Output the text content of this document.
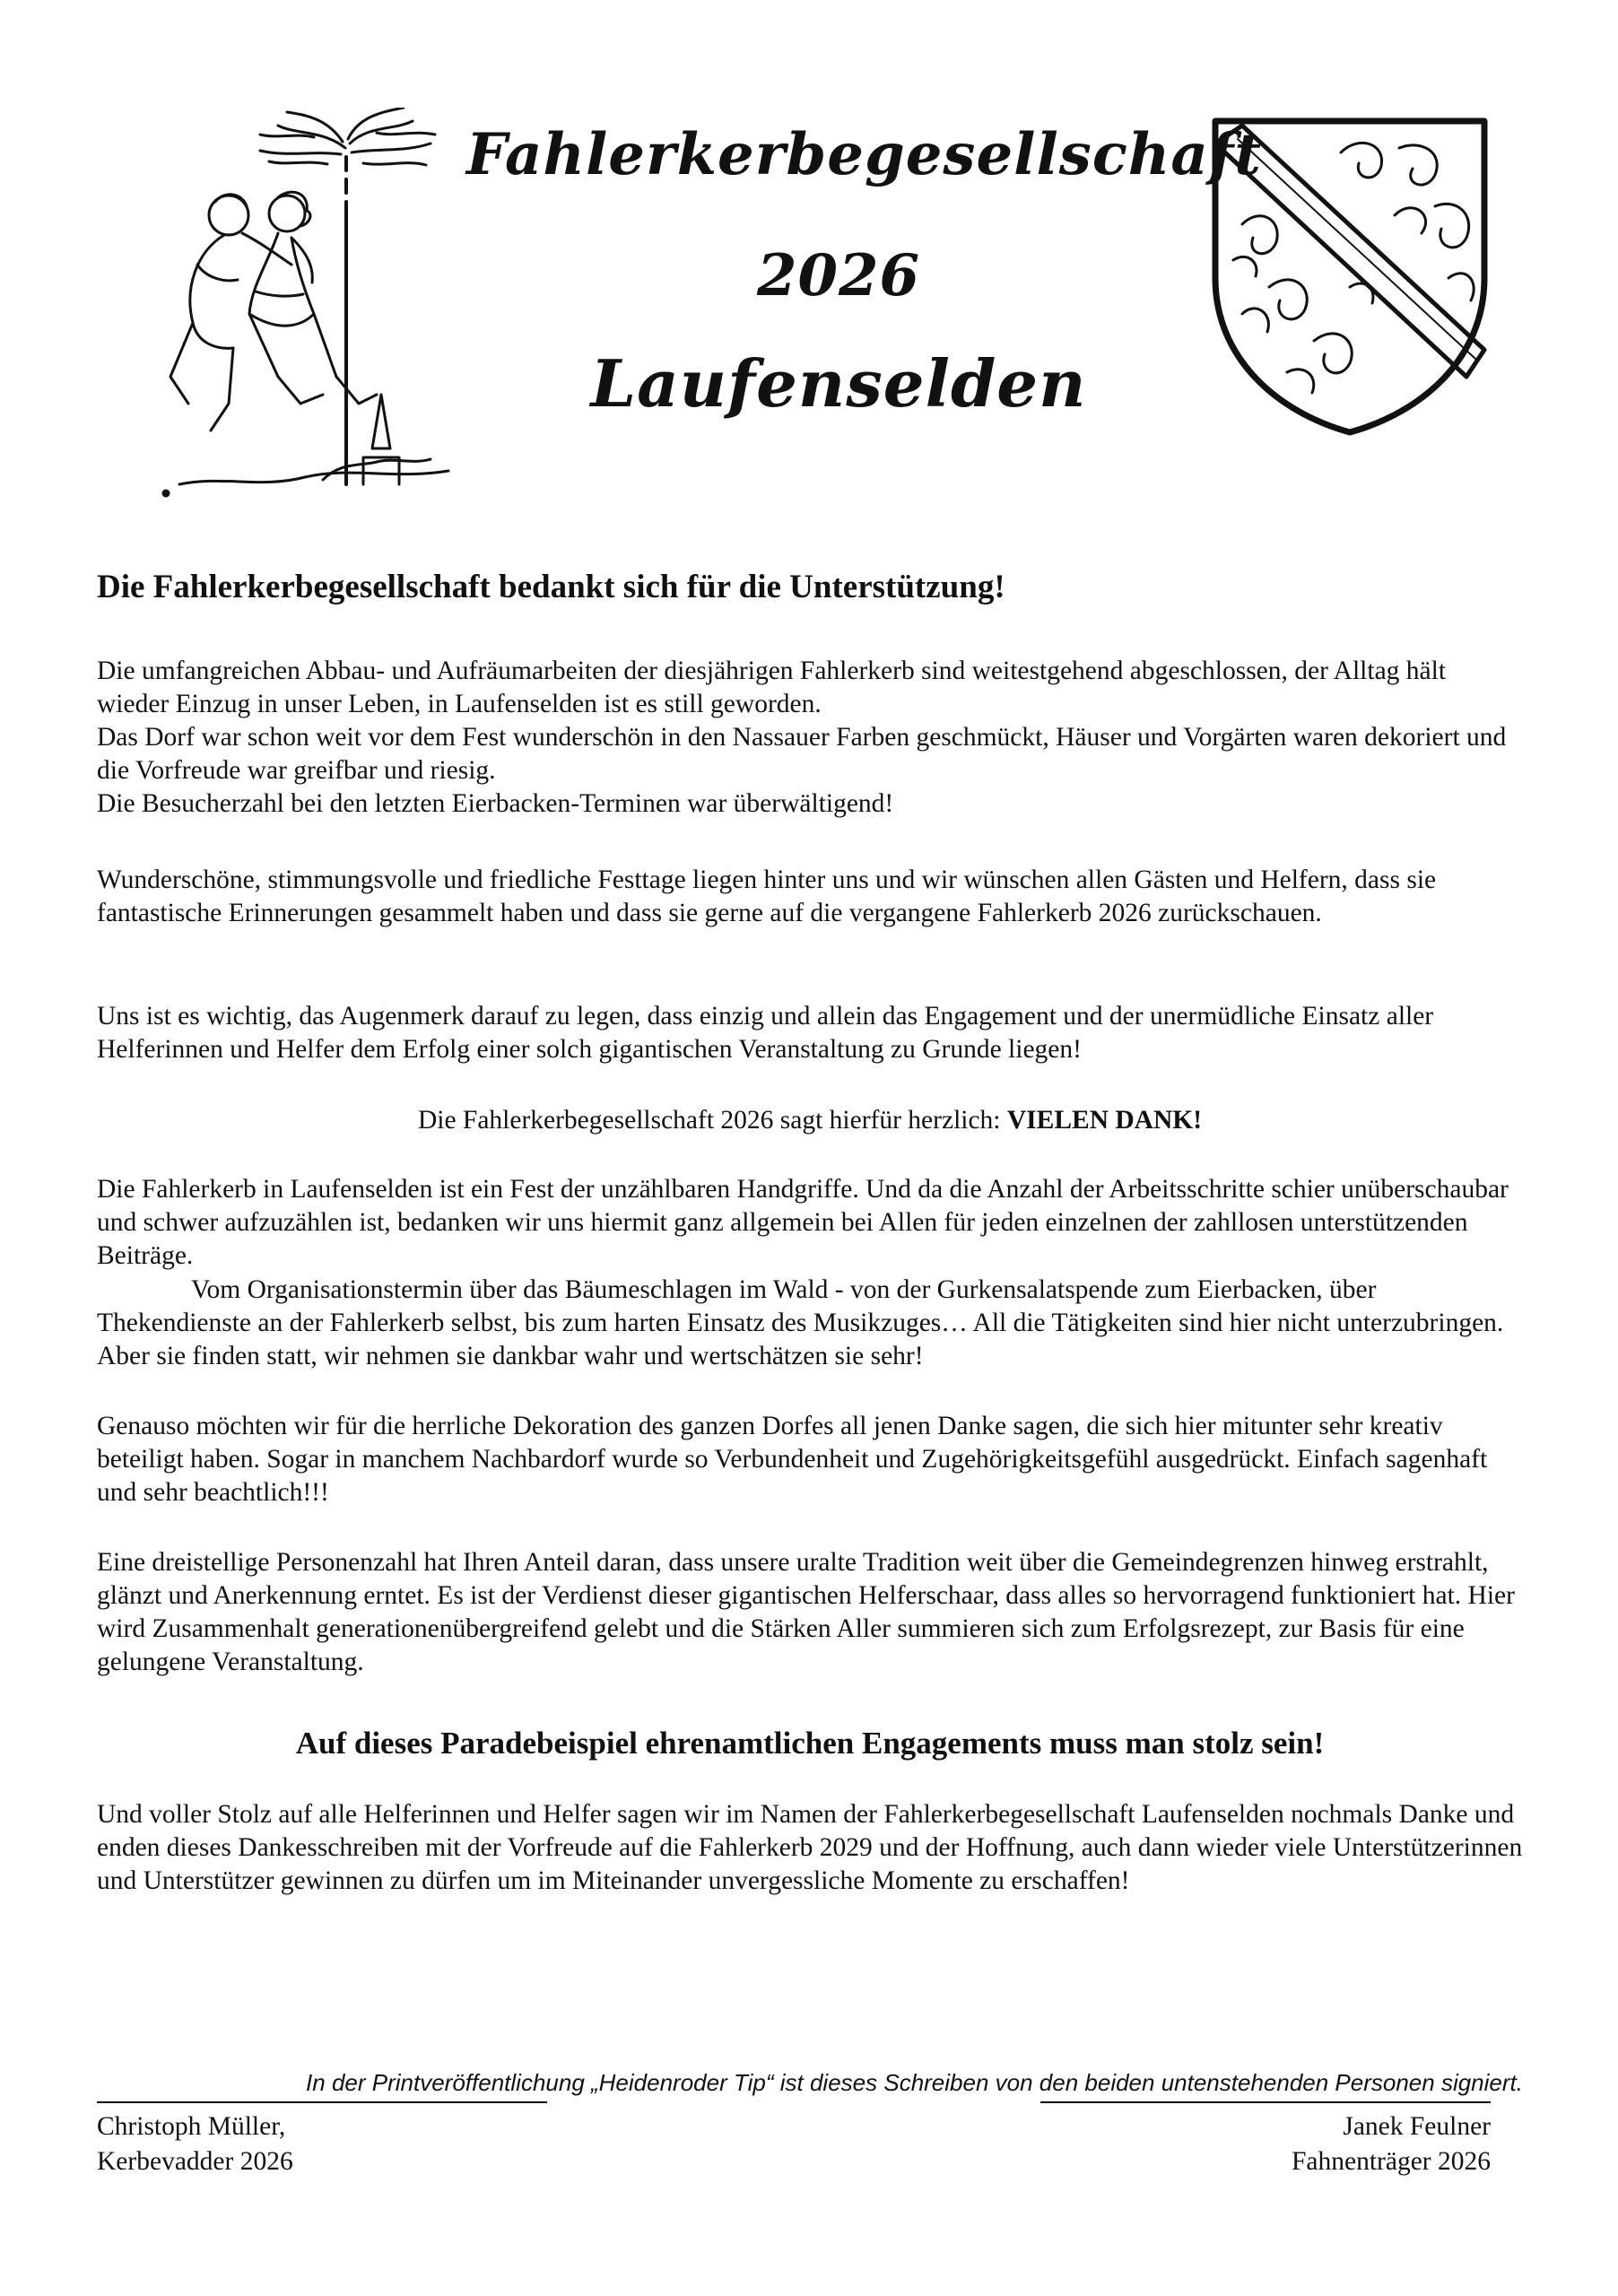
Fahlerkerbegesellschaft
2026
Laufenselden
Die Fahlerkerbegesellschaft bedankt sich für die Unterstützung!
Die umfangreichen Abbau- und Aufräumarbeiten der diesjährigen Fahlerkerb sind weitestgehend abgeschlossen, der Alltag hält wieder Einzug in unser Leben, in Laufenselden ist es still geworden.
Das Dorf war schon weit vor dem Fest wunderschön in den Nassauer Farben geschmückt, Häuser und Vorgärten waren dekoriert und die Vorfreude war greifbar und riesig.
Die Besucherzahl bei den letzten Eierbacken-Terminen war überwältigend!
Wunderschöne, stimmungsvolle und friedliche Festtage liegen hinter uns und wir wünschen allen Gästen und Helfern, dass sie fantastische Erinnerungen gesammelt haben und dass sie gerne auf die vergangene Fahlerkerb 2026 zurückschauen.
Uns ist es wichtig, das Augenmerk darauf zu legen, dass einzig und allein das Engagement und der unermüdliche Einsatz aller Helferinnen und Helfer dem Erfolg einer solch gigantischen Veranstaltung zu Grunde liegen!
Die Fahlerkerbegesellschaft 2026 sagt hierfür herzlich: VIELEN DANK!
Die Fahlerkerb in Laufenselden ist ein Fest der unzählbaren Handgriffe. Und da die Anzahl der Arbeitsschritte schier unüberschaubar und schwer aufzuzählen ist, bedanken wir uns hiermit ganz allgemein bei Allen für jeden einzelnen der zahllosen unterstützenden Beiträge.
Vom Organisationstermin über das Bäumeschlagen im Wald - von der Gurkensalatspende zum Eierbacken, über Thekendienste an der Fahlerkerb selbst, bis zum harten Einsatz des Musikzuges… All die Tätigkeiten sind hier nicht unterzubringen. Aber sie finden statt, wir nehmen sie dankbar wahr und wertschätzen sie sehr!
Genauso möchten wir für die herrliche Dekoration des ganzen Dorfes all jenen Danke sagen, die sich hier mitunter sehr kreativ beteiligt haben. Sogar in manchem Nachbardorf wurde so Verbundenheit und Zugehörigkeitsgefühl ausgedrückt. Einfach sagenhaft und sehr beachtlich!!!
Eine dreistellige Personenzahl hat Ihren Anteil daran, dass unsere uralte Tradition weit über die Gemeindegrenzen hinweg erstrahlt, glänzt und Anerkennung erntet. Es ist der Verdienst dieser gigantischen Helferschaar, dass alles so hervorragend funktioniert hat. Hier wird Zusammenhalt generationenübergreifend gelebt und die Stärken Aller summieren sich zum Erfolgsrezept, zur Basis für eine gelungene Veranstaltung.
Auf dieses Paradebeispiel ehrenamtlichen Engagements muss man stolz sein!
Und voller Stolz auf alle Helferinnen und Helfer sagen wir im Namen der Fahlerkerbegesellschaft Laufenselden nochmals Danke und enden dieses Dankesschreiben mit der Vorfreude auf die Fahlerkerb 2029 und der Hoffnung, auch dann wieder viele Unterstützerinnen und Unterstützer gewinnen zu dürfen um im Miteinander unvergessliche Momente zu erschaffen!
In der Printveröffentlichung „Heidenroder Tip“ ist dieses Schreiben von den beiden untenstehenden Personen signiert.
Christoph Müller,
Kerbevadder 2026
Janek Feulner
Fahnenträger 2026
